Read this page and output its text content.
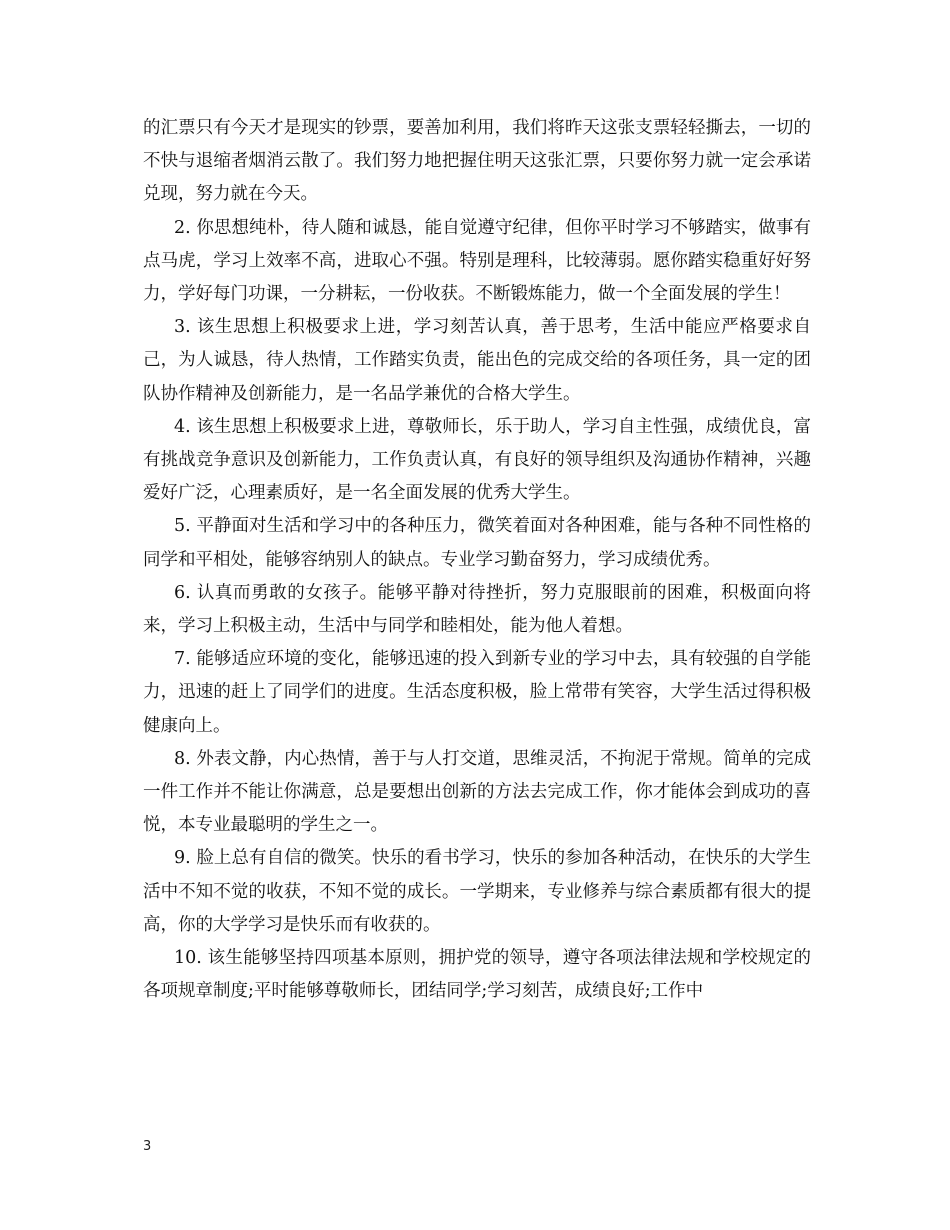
的汇票只有今天才是现实的钞票，要善加利用，我们将昨天这张支票轻轻撕去，一切的不快与退缩者烟消云散了。我们努力地把握住明天这张汇票，只要你努力就一定会承诺兑现，努力就在今天。

2. 你思想纯朴，待人随和诚恳，能自觉遵守纪律，但你平时学习不够踏实，做事有点马虎，学习上效率不高，进取心不强。特别是理科，比较薄弱。愿你踏实稳重好好努力，学好每门功课，一分耕耘，一份收获。不断锻炼能力，做一个全面发展的学生！

3. 该生思想上积极要求上进，学习刻苦认真，善于思考，生活中能应严格要求自己，为人诚恳，待人热情，工作踏实负责，能出色的完成交给的各项任务，具一定的团队协作精神及创新能力，是一名品学兼优的合格大学生。

4. 该生思想上积极要求上进，尊敬师长，乐于助人，学习自主性强，成绩优良，富有挑战竞争意识及创新能力，工作负责认真，有良好的领导组织及沟通协作精神，兴趣爱好广泛，心理素质好，是一名全面发展的优秀大学生。

5. 平静面对生活和学习中的各种压力，微笑着面对各种困难，能与各种不同性格的同学和平相处，能够容纳别人的缺点。专业学习勤奋努力，学习成绩优秀。

6. 认真而勇敢的女孩子。能够平静对待挫折，努力克服眼前的困难，积极面向将来，学习上积极主动，生活中与同学和睦相处，能为他人着想。

7. 能够适应环境的变化，能够迅速的投入到新专业的学习中去，具有较强的自学能力，迅速的赶上了同学们的进度。生活态度积极，脸上常带有笑容，大学生活过得积极健康向上。

8. 外表文静，内心热情，善于与人打交道，思维灵活，不拘泥于常规。简单的完成一件工作并不能让你满意，总是要想出创新的方法去完成工作，你才能体会到成功的喜悦，本专业最聪明的学生之一。

9. 脸上总有自信的微笑。快乐的看书学习，快乐的参加各种活动，在快乐的大学生活中不知不觉的收获，不知不觉的成长。一学期来，专业修养与综合素质都有很大的提高，你的大学学习是快乐而有收获的。

10. 该生能够坚持四项基本原则，拥护党的领导，遵守各项法律法规和学校规定的各项规章制度;平时能够尊敬师长，团结同学;学习刻苦，成绩良好;工作中

3
